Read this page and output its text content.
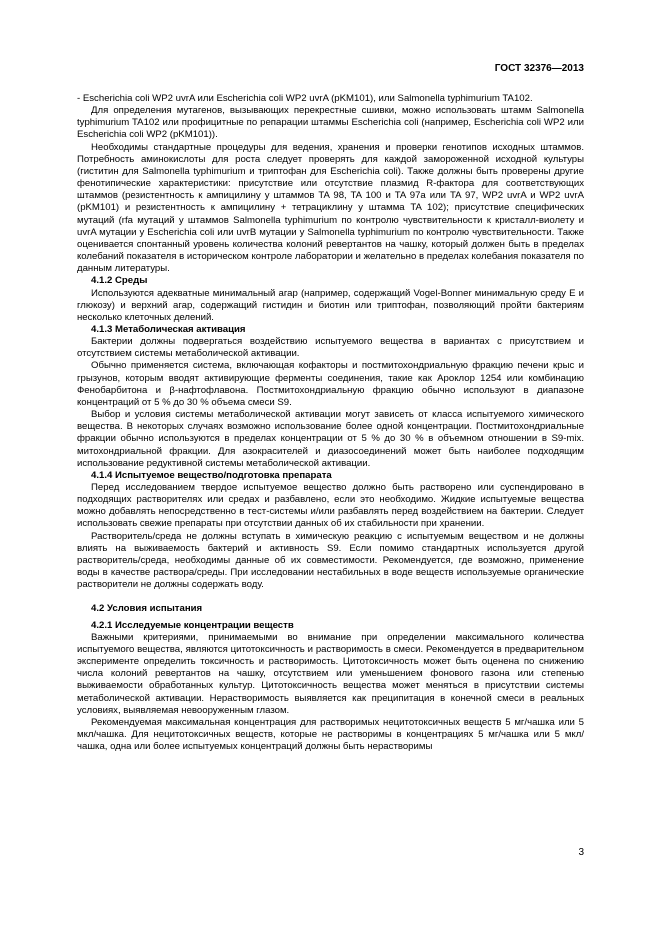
ГОСТ 32376—2013

- Escherichia coli WP2 uvrA или Escherichia coli WP2 uvrA (pKM101), или Salmonella typhimurium TA102.

Для определения мутагенов, вызывающих перекрестные сшивки, можно использовать штамм Salmonella typhimurium TA102 или профицитные по репарации штаммы Escherichia coli (например, Escherichia coli WP2 или Escherichia coli WP2 (pKM101)).

Необходимы стандартные процедуры для ведения, хранения и проверки генотипов исходных штаммов. Потребность аминокислоты для роста следует проверять для каждой замороженной исходной культуры (гиститин для Salmonella typhimurium и триптофан для Escherichia coli). Также должны быть проверены другие фенотипические характеристики: присутствие или отсутствие плазмид R-фактора для соответствующих штаммов (резистентность к ампицилину у штаммов TA 98, TA 100 и TA 97a или TA 97, WP2 uvrA и WP2 uvrA (pKM101) и резистентность к ампицилину + тетрациклину у штамма TA 102); присутствие специфических мутаций (rfa мутаций у штаммов Salmonella typhimurium по контролю чувствительности к кристалл-виолету и uvrA мутации у Escherichia coli или uvrB мутации у Salmonella typhimurium по контролю чувствительности. Также оценивается спонтанный уровень количества колоний ревертантов на чашку, который должен быть в пределах колебаний показателя в историческом контроле лаборатории и желательно в пределах колебания показателя по данным литературы.

4.1.2 Среды

Используются адекватные минимальный агар (например, содержащий Vogel-Bonner минимальную среду E и глюкозу) и верхний агар, содержащий гистидин и биотин или триптофан, позволяющий пройти бактериям несколько клеточных делений.

4.1.3 Метаболическая активация

Бактерии должны подвергаться воздействию испытуемого вещества в вариантах с присутствием и отсутствием системы метаболической активации.

Обычно применяется система, включающая кофакторы и постмитохондриальную фракцию печени крыс и грызунов, которым вводят активирующие ферменты соединения, такие как Ароклор 1254 или комбинацию Фенобарбитона и β-нафтофлавона. Постмитохондриальную фракцию обычно используют в диапазоне концентраций от 5 % до 30 % объема смеси S9.

Выбор и условия системы метаболической активации могут зависеть от класса испытуемого химического вещества. В некоторых случаях возможно использование более одной концентрации. Постмитохондриальные фракции обычно используются в пределах концентрации от 5 % до 30 % в объемном отношении в S9-mix. митохондриальной фракции. Для азокрасителей и диазосоединений может быть наиболее подходящим использование редуктивной системы метаболической активации.

4.1.4 Испытуемое вещество/подготовка препарата

Перед исследованием твердое испытуемое вещество должно быть растворено или суспендировано в подходящих растворителях или средах и разбавлено, если это необходимо. Жидкие испытуемые вещества можно добавлять непосредственно в тест-системы и/или разбавлять перед воздействием на бактерии. Следует использовать свежие препараты при отсутствии данных об их стабильности при хранении.

Растворитель/среда не должны вступать в химическую реакцию с испытуемым веществом и не должны влиять на выживаемость бактерий и активность S9. Если помимо стандартных используется другой растворитель/среда, необходимы данные об их совместимости. Рекомендуется, где возможно, применение воды в качестве раствора/среды. При исследовании нестабильных в воде веществ используемые органические растворители не должны содержать воду.

4.2 Условия испытания
4.2.1 Исследуемые концентрации веществ

Важными критериями, принимаемыми во внимание при определении максимального количества испытуемого вещества, являются цитотоксичность и растворимость в смеси. Рекомендуется в предварительном эксперименте определить токсичность и растворимость. Цитотоксичность может быть оценена по снижению числа колоний ревертантов на чашку, отсутствием или уменьшением фонового газона или степенью выживаемости обработанных культур. Цитотоксичность вещества может меняться в присутствии системы метаболической активации. Нерастворимость выявляется как преципитация в конечной смеси в реальных условиях, выявляемая невооруженным глазом.

Рекомендуемая максимальная концентрация для растворимых нецитотоксичных веществ 5 мг/чашка или 5 мкл/чашка. Для нецитотоксичных веществ, которые не растворимы в концентрациях 5 мг/чашка или 5 мкл/чашка, одна или более испытуемых концентраций должны быть нерастворимы

3
